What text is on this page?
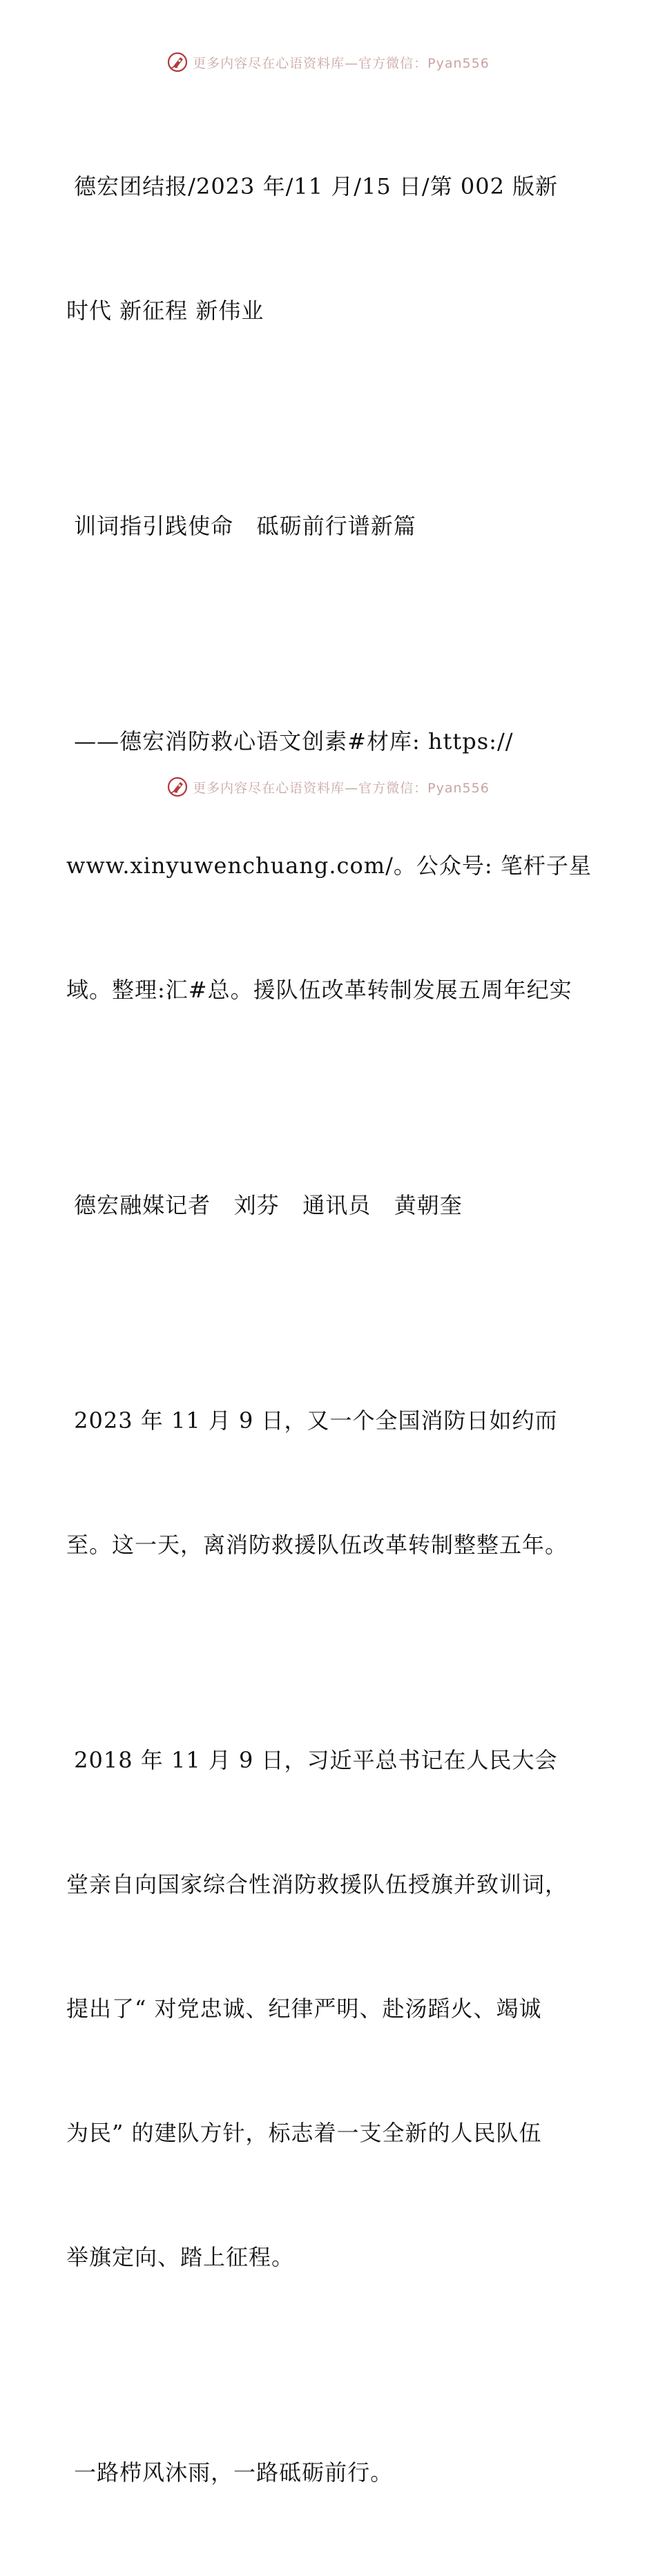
更多内容尽在心语资料库—官方微信：Pyan556

德宏团结报/2023 年/11 月/15 日/第 002 版新

时代 新征程 新伟业

训词指引践使命   砥砺前行谱新篇

——德宏消防救心语文创素#材库: https://

www.xinyuwenchuang.com/。公众号: 笔杆子星

域。整理:汇#总。援队伍改革转制发展五周年纪实

德宏融媒记者   刘芬   通讯员   黄朝奎

2023 年 11 月 9 日，又一个全国消防日如约而

至。这一天，离消防救援队伍改革转制整整五年。

2018 年 11 月 9 日，习近平总书记在人民大会

堂亲自向国家综合性消防救援队伍授旗并致训词，

提出了“ 对党忠诚、纪律严明、赴汤蹈火、竭诚

为民” 的建队方针，标志着一支全新的人民队伍

举旗定向、踏上征程。

一路栉风沐雨，一路砥砺前行。

更多内容尽在心语资料库—官方微信：Pyan556
